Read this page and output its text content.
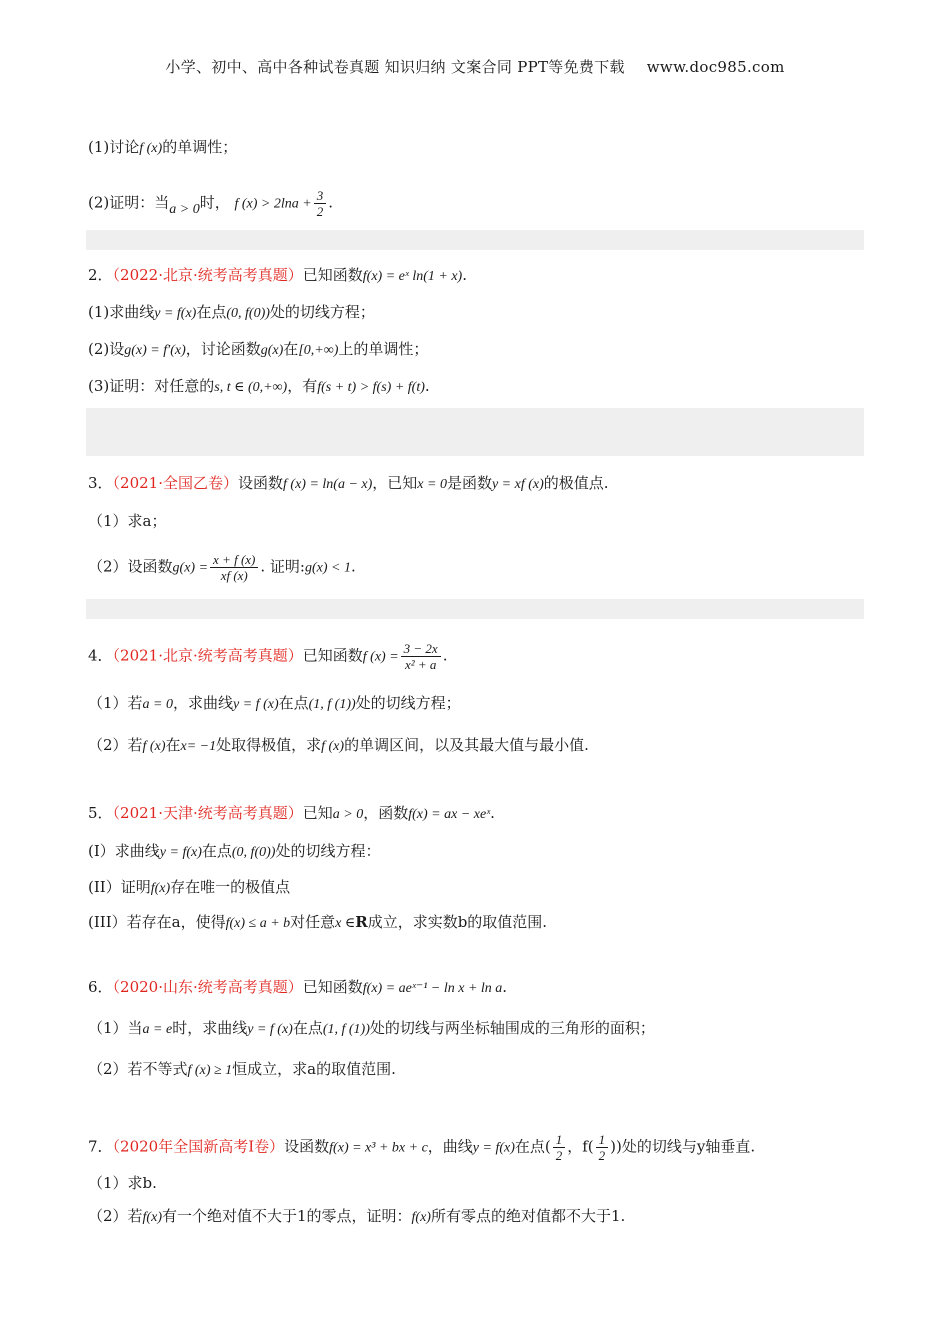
小学、初中、高中各种试卷真题 知识归纳 文案合同 PPT等免费下载 www.doc985.com
(1)讨论f (x)的单调性；
(2)证明：当a > 0时， f $(x) > 2\ln a + \frac{3}{2}$ .
2．（2022·北京·统考高考真题）已知函数f(x) = eˣ ln(1 + x).
(1)求曲线y = f(x)在点(0, f(0))处的切线方程；
(2)设g(x) = f′(x)，讨论函数g(x)在[0,+∞)上的单调性；
(3)证明：对任意的s, t ∈ (0,+∞)，有f(s + t) > f(s) + f(t).
3．（2021·全国乙卷）设函数f (x) = ln(a − x)，已知x = 0是函数y = xf (x)的极值点.
（1）求a；
（2）设函数$g(x) = \frac{x + f (x)}{xf (x)}$ . 证明:g(x) < 1.
4．（2021·北京·统考高考真题）已知函数f $(x) = \frac{3 - 2x}{\text{x² + a}}$ .
（1）若a = 0，求曲线y = f (x)在点(1, f (1))处的切线方程；
（2）若f (x)在x= −1处取得极值，求f (x)的单调区间，以及其最大值与最小值.
5．（2021·天津·统考高考真题）已知a > 0，函数f(x) = ax − xeˣ.
(I）求曲线y = f(x)在点(0, f(0))处的切线方程：
(II）证明f(x)存在唯一的极值点
(III）若存在a，使得f(x) ≤ a + b对任意x ∈R成立，求实数b的取值范围.
6．（2020·山东·统考高考真题）已知函数f(x) = aeˣ⁻¹ − ln x + ln a.
（1）当a = e时，求曲线y = f (x)在点(1, f (1))处的切线与两坐标轴围成的三角形的面积；
（2）若不等式f (x) ≥ 1恒成立，求a的取值范围.
7．（2020年全国新高考Ⅰ卷）设函数f(x) = x³ + bx + c，曲线y = f(x)在点( $\frac{1}{2}$ ，$f( \frac{1}{2}$ ))处的切线与y轴垂直.
（1）求b.
（2）若f(x)有一个绝对值不大于1的零点，证明：f(x)所有零点的绝对值都不大于1.
